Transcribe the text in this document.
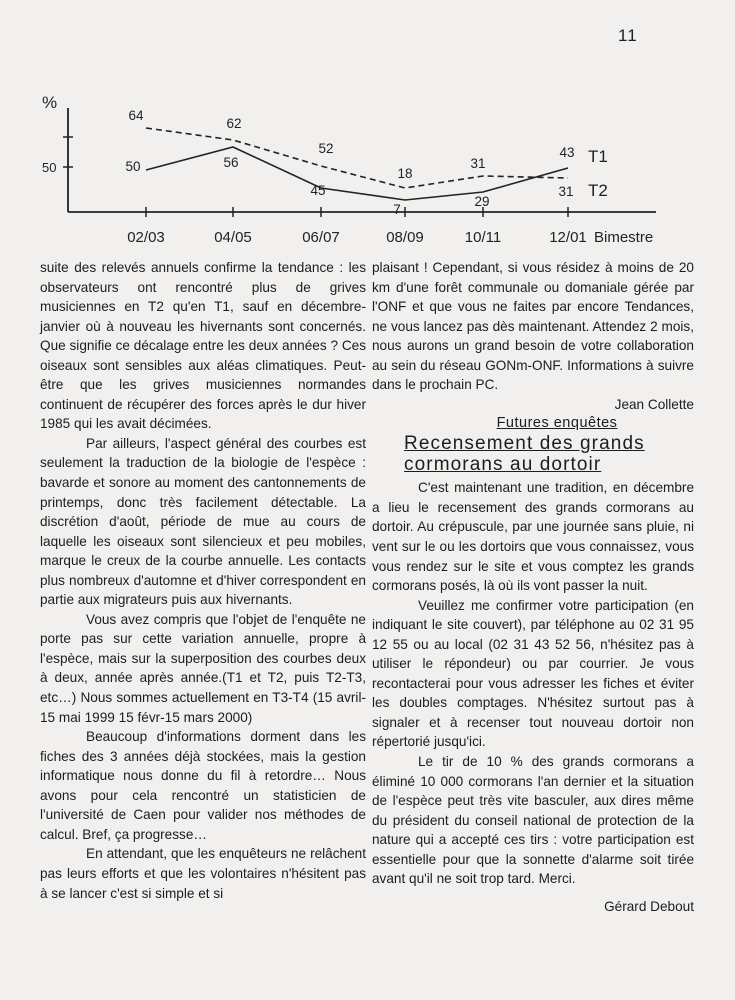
11
%
50
02/03	04/05	06/07	08/09	10/11	12/01 Bimestre
50	56
45
7
29
43 T1
64
62
52
18
31
31 T2

suite des relevés annuels confirme la tendance : les observateurs ont rencontré plus de grives musiciennes en T2 qu'en T1, sauf en décembre-janvier où à nouveau les hivernants sont concernés. Que signifie ce décalage entre les deux années ? Ces oiseaux sont sensibles aux aléas climatiques. Peut-être que les grives musiciennes normandes continuent de récupérer des forces après le dur hiver 1985 qui les avait décimées.

Par ailleurs, l'aspect général des courbes est seulement la traduction de la biologie de l'espèce : bavarde et sonore au moment des cantonnements de printemps, donc très facilement détectable. La discrétion d'août, période de mue au cours de laquelle les oiseaux sont silencieux et peu mobiles, marque le creux de la courbe annuelle. Les contacts plus nombreux d'automne et d'hiver correspondent en partie aux migrateurs puis aux hivernants.

Vous avez compris que l'objet de l'enquête ne porte pas sur cette variation annuelle, propre à l'espèce, mais sur la superposition des courbes deux à deux, année après année.(T1 et T2, puis T2-T3, etc…) Nous sommes actuellement en T3-T4 (15 avril-15 mai 1999 15 févr-15 mars 2000)

Beaucoup d'informations dorment dans les fiches des 3 années déjà stockées, mais la gestion informatique nous donne du fil à retordre… Nous avons pour cela rencontré un statisticien de l'université de Caen pour valider nos méthodes de calcul. Bref, ça progresse…

En attendant, que les enquêteurs ne relâchent pas leurs efforts et que les volontaires n'hésitent pas à se lancer c'est si simple et si

plaisant ! Cependant, si vous résidez à moins de 20 km d'une forêt communale ou domaniale gérée par l'ONF et que vous ne faites par encore Tendances, ne vous lancez pas dès maintenant. Attendez 2 mois, nous aurons un grand besoin de votre collaboration au sein du réseau GONm-ONF. Informations à suivre dans le prochain PC.

Jean Collette

Futures enquêtes

Recensement des grands cormorans au dortoir

C'est maintenant une tradition, en décembre a lieu le recensement des grands cormorans au dortoir. Au crépuscule, par une journée sans pluie, ni vent sur le ou les dortoirs que vous connaissez, vous vous rendez sur le site et vous comptez les grands cormorans posés, là où ils vont passer la nuit.

Veuillez me confirmer votre participation (en indiquant le site couvert), par téléphone au 02 31 95 12 55 ou au local (02 31 43 52 56, n'hésitez pas à utiliser le répondeur) ou par courrier. Je vous recontacterai pour vous adresser les fiches et éviter les doubles comptages. N'hésitez surtout pas à signaler et à recenser tout nouveau dortoir non répertorié jusqu'ici.

Le tir de 10 % des grands cormorans a éliminé 10 000 cormorans l'an dernier et la situation de l'espèce peut très vite basculer, aux dires même du président du conseil national de protection de la nature qui a accepté ces tirs : votre participation est essentielle pour que la sonnette d'alarme soit tirée avant qu'il ne soit trop tard. Merci.

Gérard Debout
